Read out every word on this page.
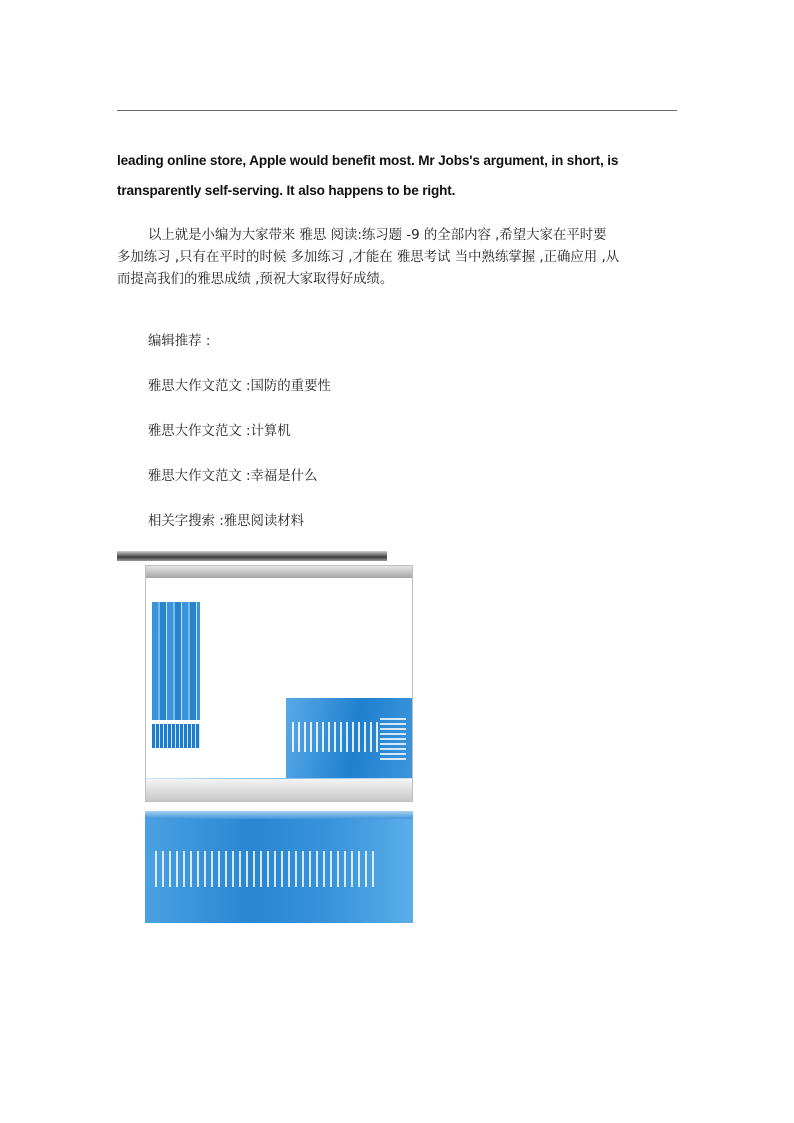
leading online store, Apple would benefit most. Mr Jobs's argument, in short, is
transparently self-serving. It also happens to be right.
以上就是小编为大家带来 雅思 阅读:练习题 -9 的全部内容 ,希望大家在平时要
多加练习 ,只有在平时的时候 多加练习 ,才能在 雅思考试 当中熟练掌握 ,正确应用 ,从
而提高我们的雅思成绩 ,预祝大家取得好成绩。
编辑推荐 :
雅思大作文范文 :国防的重要性
雅思大作文范文 :计算机
雅思大作文范文 :幸福是什么
相关字搜索 :雅思阅读材料
